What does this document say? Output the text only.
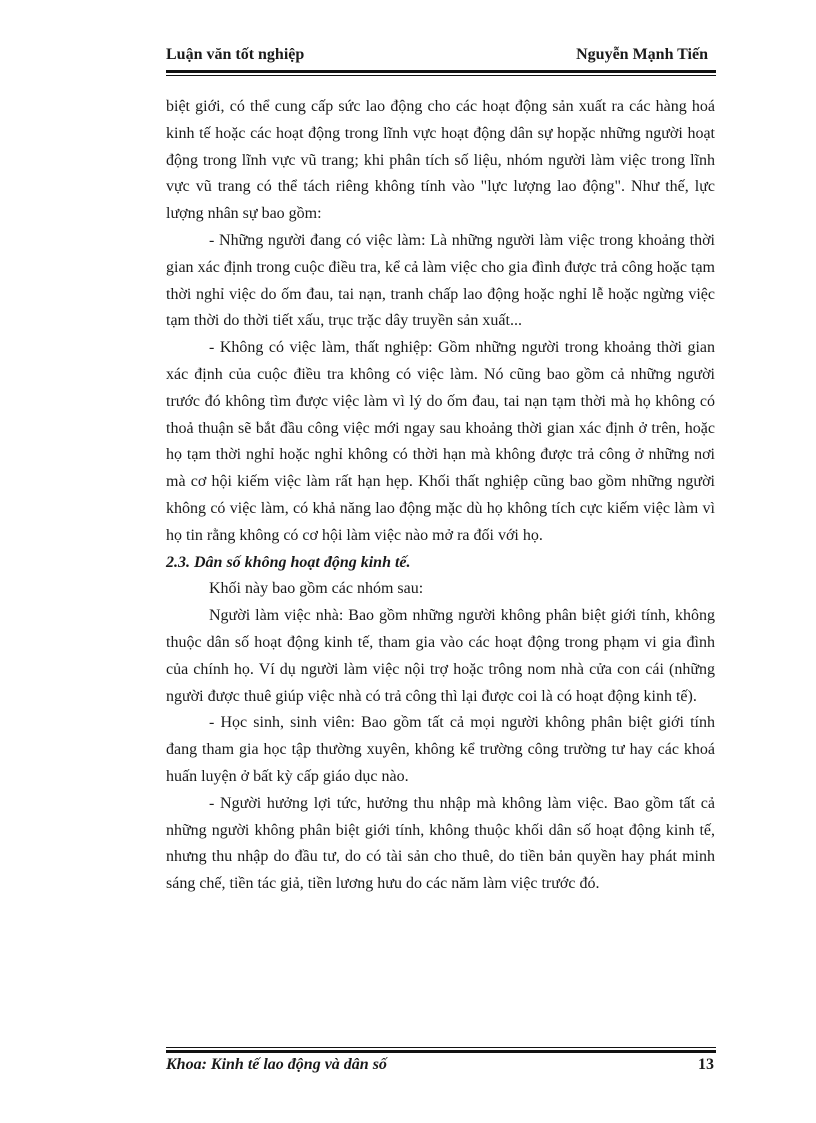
Luận văn tốt nghiệp	Nguyễn Mạnh Tiến

biệt giới, có thể cung cấp sức lao động cho các hoạt động sản xuất ra các hàng hoá kinh tế hoặc các hoạt động trong lĩnh vực hoạt động dân sự hopặc những người hoạt động trong lĩnh vực vũ trang; khi phân tích số liệu, nhóm người làm việc trong lĩnh vực vũ trang có thể tách riêng không tính vào "lực lượng lao động". Như thế, lực lượng nhân sự bao gồm:

- Những người đang có việc làm: Là những người làm việc trong khoảng thời gian xác định trong cuộc điều tra, kể cả làm việc cho gia đình được trả công hoặc tạm thời nghỉ việc do ốm đau, tai nạn, tranh chấp lao động hoặc nghỉ lễ hoặc ngừng việc tạm thời do thời tiết xấu, trục trặc dây truyền sản xuất...

- Không có việc làm, thất nghiệp: Gồm những người trong khoảng thời gian xác định của cuộc điều tra không có việc làm. Nó cũng bao gồm cả những người trước đó không tìm được việc làm vì lý do ốm đau, tai nạn tạm thời mà họ không có thoả thuận sẽ bắt đầu công việc mới ngay sau khoảng thời gian xác định ở trên, hoặc họ tạm thời nghỉ hoặc nghỉ không có thời hạn mà không được trả công ở những nơi mà cơ hội kiếm việc làm rất hạn hẹp. Khối thất nghiệp cũng bao gồm những người không có việc làm, có khả năng lao động mặc dù họ không tích cực kiếm việc làm vì họ tin rằng không có cơ hội làm việc nào mở ra đối với họ.

2.3. Dân số không hoạt động kinh tế.

Khối này bao gồm các nhóm sau:

Người làm việc nhà: Bao gồm những người không phân biệt giới tính, không thuộc dân số hoạt động kinh tế, tham gia vào các hoạt động trong phạm vi gia đình của chính họ. Ví dụ người làm việc nội trợ hoặc trông nom nhà cửa con cái (những người được thuê giúp việc nhà có trả công thì lại được coi là có hoạt động kinh tế).

- Học sinh, sinh viên: Bao gồm tất cả mọi người không phân biệt giới tính đang tham gia học tập thường xuyên, không kể trường công trường tư hay các khoá huấn luyện ở bất kỳ cấp giáo dục nào.

- Người hưởng lợi tức, hưởng thu nhập mà không làm việc. Bao gồm tất cả những người không phân biệt giới tính, không thuộc khối dân số hoạt động kinh tế, nhưng thu nhập do đầu tư, do có tài sản cho thuê, do tiền bản quyền hay phát minh sáng chế, tiền tác giả, tiền lương hưu do các năm làm việc trước đó.

Khoa: Kinh tế lao động và dân số	13
